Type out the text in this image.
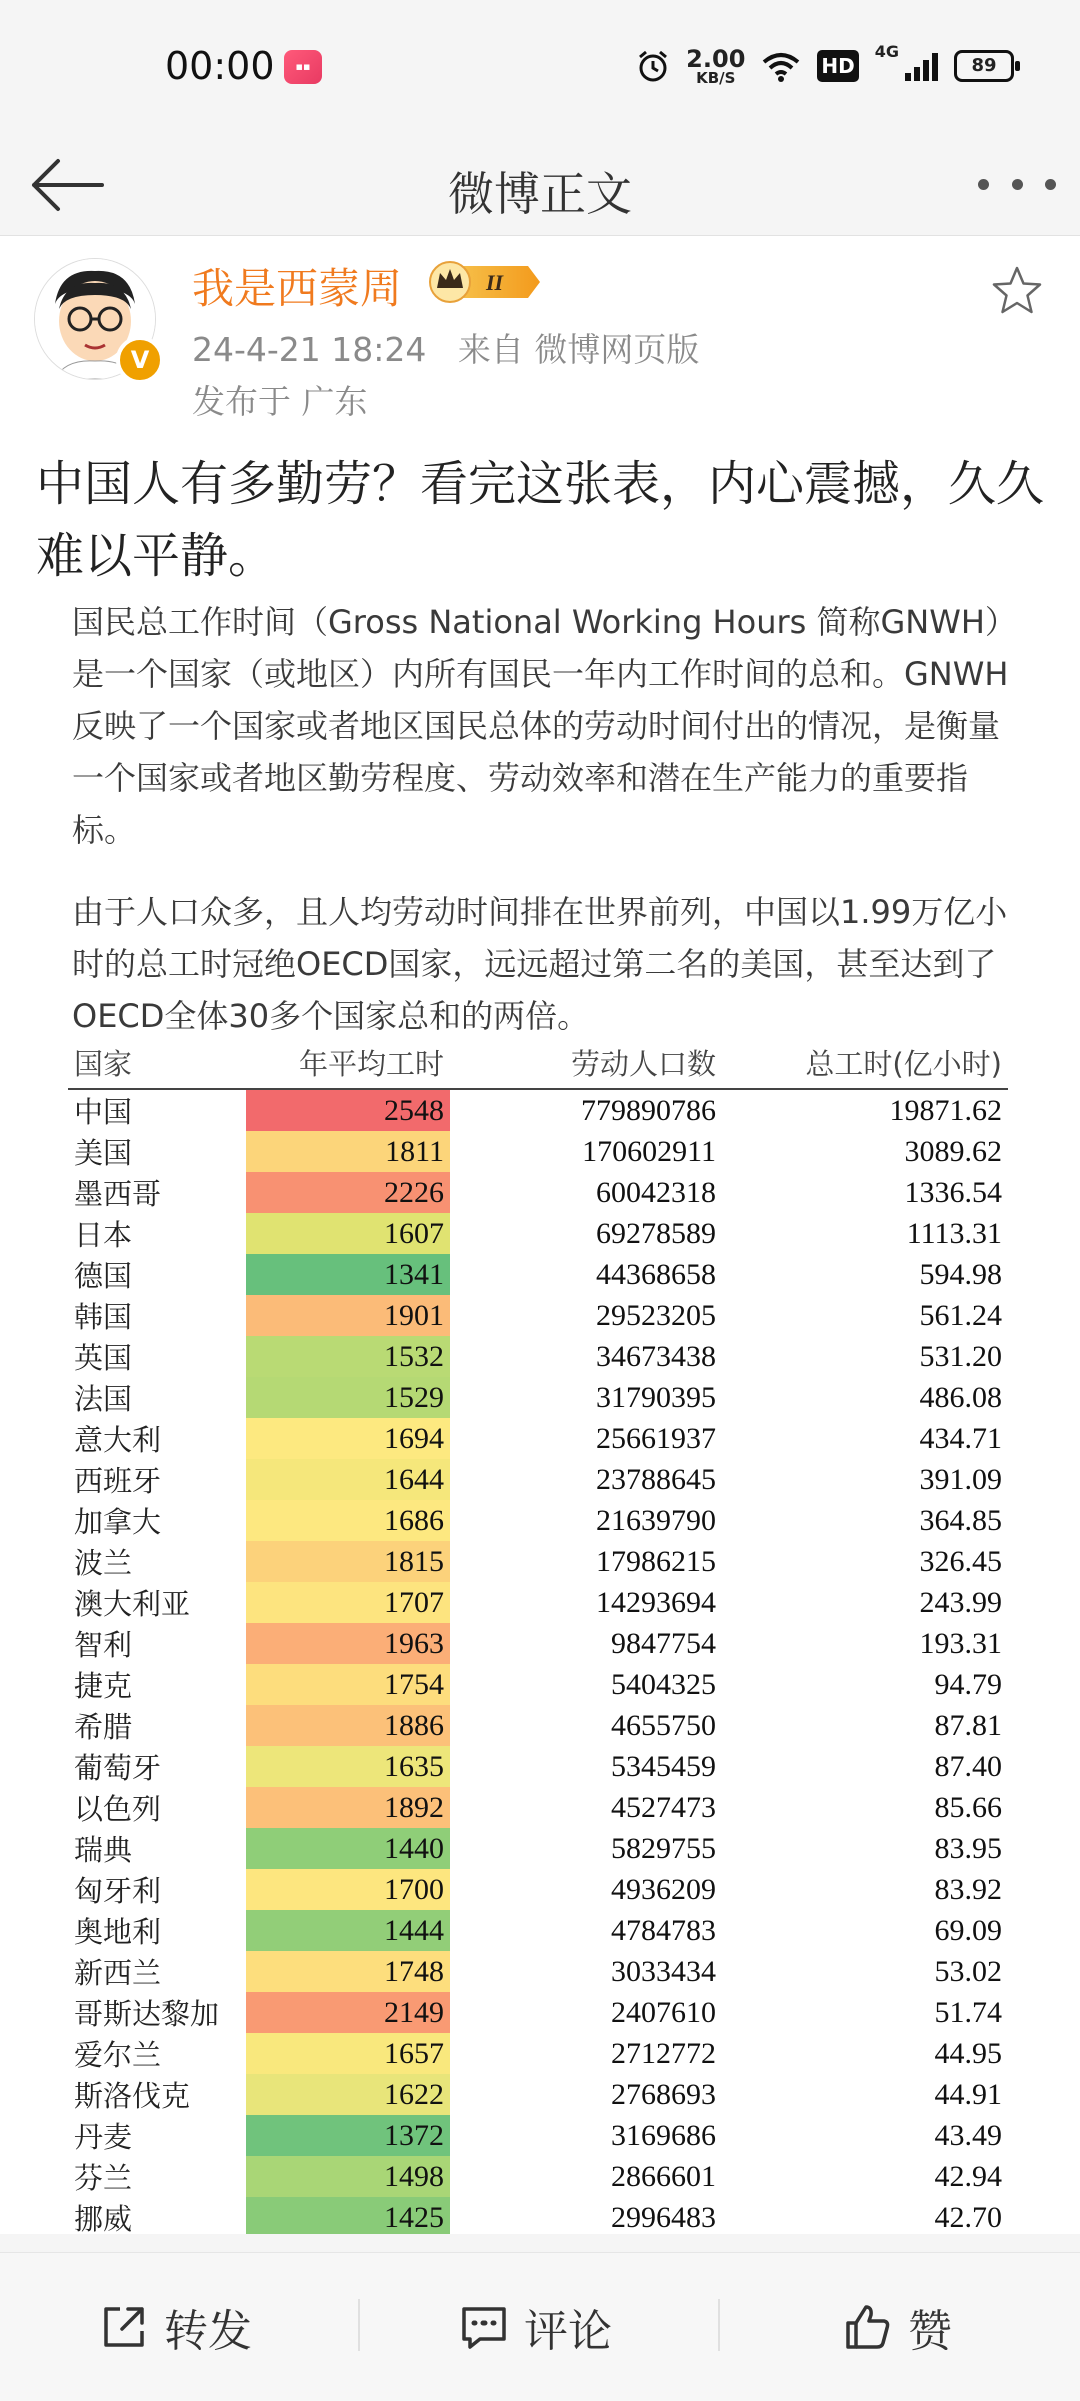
00:00	▪▪	2.00
KB/S	HD
4G
89
微博正文
V
我是西蒙周	II
24-4-21 18:24 来自 微博网页版
发布于 广东
中国人有多勤劳？看完这张表，内心震撼，久久难以平静。

国民总工作时间（Gross National Working Hours 简称GNWH）是一个国家（或地区）内所有国民一年内工作时间的总和。GNWH反映了一个国家或者地区国民总体的劳动时间付出的情况，是衡量一个国家或者地区勤劳程度、劳动效率和潜在生产能力的重要指标。

由于人口众多，且人均劳动时间排在世界前列，中国以1.99万亿小时的总工时冠绝OECD国家，远远超过第二名的美国，甚至达到了OECD全体30多个国家总和的两倍。

国家	年平均工时	劳动人口数	总工时(亿小时)
中国	2548	779890786	19871.62
美国	1811	170602911	3089.62
墨西哥	2226	60042318	1336.54
日本	1607	69278589	1113.31
德国	1341	44368658	594.98
韩国	1901	29523205	561.24
英国	1532	34673438	531.20
法国	1529	31790395	486.08
意大利	1694	25661937	434.71
西班牙	1644	23788645	391.09
加拿大	1686	21639790	364.85
波兰	1815	17986215	326.45
澳大利亚	1707	14293694	243.99
智利	1963	9847754	193.31
捷克	1754	5404325	94.79
希腊	1886	4655750	87.81
葡萄牙	1635	5345459	87.40
以色列	1892	4527473	85.66
瑞典	1440	5829755	83.95
匈牙利	1700	4936209	83.92
奥地利	1444	4784783	69.09
新西兰	1748	3033434	53.02
哥斯达黎加	2149	2407610	51.74
爱尔兰	1657	2712772	44.95
斯洛伐克	1622	2768693	44.91
丹麦	1372	3169686	43.49
芬兰	1498	2866601	42.94
挪威	1425	2996483	42.70
转发	评论	赞
